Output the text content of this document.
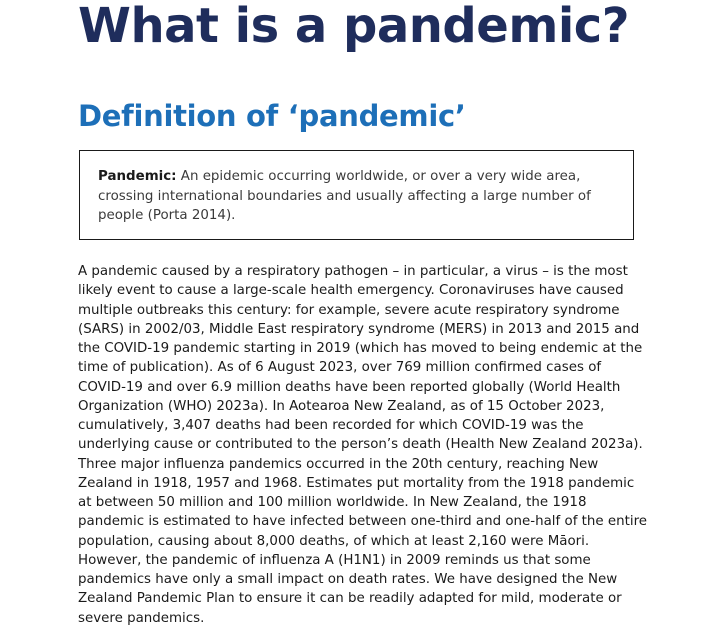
What is a pandemic?
Definition of ‘pandemic’
Pandemic: An epidemic occurring worldwide, or over a very wide area, crossing international boundaries and usually affecting a large number of people (Porta 2014).

A pandemic caused by a respiratory pathogen – in particular, a virus – is the most likely event to cause a large-scale health emergency. Coronaviruses have caused multiple outbreaks this century: for example, severe acute respiratory syndrome (SARS) in 2002/03, Middle East respiratory syndrome (MERS) in 2013 and 2015 and the COVID-19 pandemic starting in 2019 (which has moved to being endemic at the time of publication). As of 6 August 2023, over 769 million confirmed cases of COVID-19 and over 6.9 million deaths have been reported globally (World Health Organization (WHO) 2023a). In Aotearoa New Zealand, as of 15 October 2023, cumulatively, 3,407 deaths had been recorded for which COVID-19 was the underlying cause or contributed to the person’s death (Health New Zealand 2023a). Three major influenza pandemics occurred in the 20th century, reaching New Zealand in 1918, 1957 and 1968. Estimates put mortality from the 1918 pandemic at between 50 million and 100 million worldwide. In New Zealand, the 1918 pandemic is estimated to have infected between one-third and one-half of the entire population, causing about 8,000 deaths, of which at least 2,160 were Māori. However, the pandemic of influenza A (H1N1) in 2009 reminds us that some pandemics have only a small impact on death rates. We have designed the New Zealand Pandemic Plan to ensure it can be readily adapted for mild, moderate or severe pandemics.
